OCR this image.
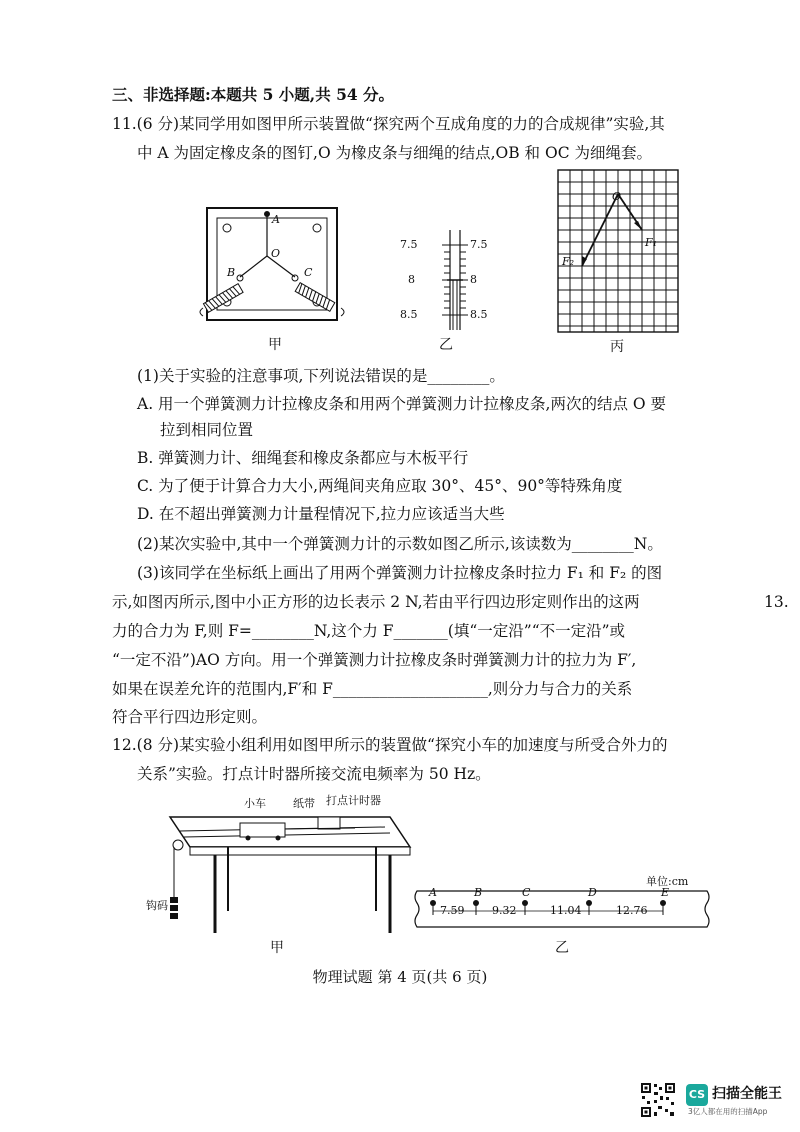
三、非选择题:本题共 5 小题,共 54 分。
11.(6 分)某同学用如图甲所示装置做“探究两个互成角度的力的合成规律”实验,其
中 A 为固定橡皮条的图钉,O 为橡皮条与细绳的结点,OB 和 OC 为细绳套。
A
O
B	C
甲
7.5
8
8.5
7.5
8
8.5
乙
O
F₁
F₂
丙
(1)关于实验的注意事项,下列说法错误的是________。
A. 用一个弹簧测力计拉橡皮条和用两个弹簧测力计拉橡皮条,两次的结点 O 要
拉到相同位置
B. 弹簧测力计、细绳套和橡皮条都应与木板平行
C. 为了便于计算合力大小,两绳间夹角应取 30°、45°、90°等特殊角度
D. 在不超出弹簧测力计量程情况下,拉力应该适当大些
(2)某次实验中,其中一个弹簧测力计的示数如图乙所示,该读数为________N。
(3)该同学在坐标纸上画出了用两个弹簧测力计拉橡皮条时拉力 F₁ 和 F₂ 的图
示,如图丙所示,图中小正方形的边长表示 2 N,若由平行四边形定则作出的这两
力的合力为 F,则 F=________N,这个力 F_______(填“一定沿”“不一定沿”或
“一定不沿”)AO 方向。用一个弹簧测力计拉橡皮条时弹簧测力计的拉力为 F′,
如果在误差允许的范围内,F′和 F____________________,则分力与合力的关系
符合平行四边形定则。
13.
12.(8 分)某实验小组利用如图甲所示的装置做“探究小车的加速度与所受合外力的
关系”实验。打点计时器所接交流电频率为 50 Hz。
小车 纸带 打点计时器
钩码
甲
单位:cm
A	B	C	D	E
7.59	9.32	11.04	12.76
乙
物理试题 第 4 页(共 6 页)
CS 扫描全能王
3亿人都在用的扫描App
